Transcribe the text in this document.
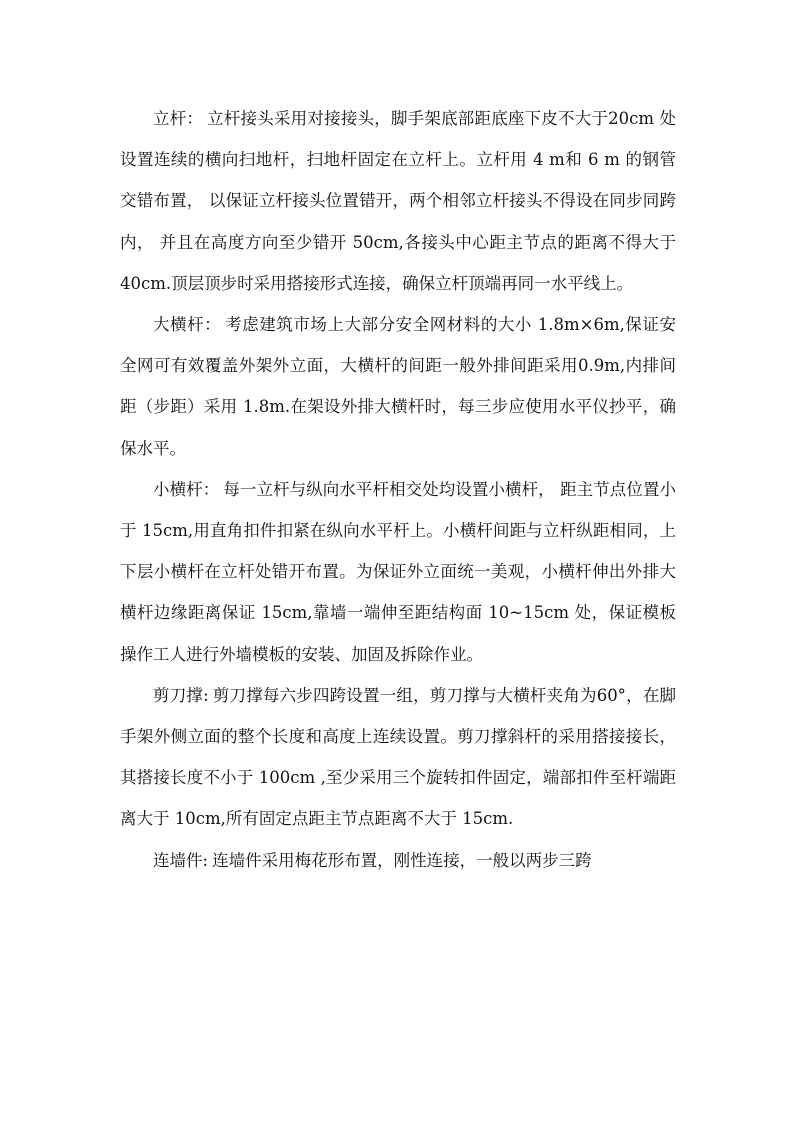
立杆： 立杆接头采用对接接头，脚手架底部距底座下皮不大于20cm 处设置连续的横向扫地杆，扫地杆固定在立杆上。立杆用 4 m和 6 m 的钢管交错布置， 以保证立杆接头位置错开，两个相邻立杆接头不得设在同步同跨内， 并且在高度方向至少错开 50cm,各接头中心距主节点的距离不得大于 40cm.顶层顶步时采用搭接形式连接，确保立杆顶端再同一水平线上。

大横杆： 考虑建筑市场上大部分安全网材料的大小 1.8m×6m,保证安全网可有效覆盖外架外立面，大横杆的间距一般外排间距采用0.9m,内排间距（步距）采用 1.8m.在架设外排大横杆时，每三步应使用水平仪抄平，确保水平。

小横杆： 每一立杆与纵向水平杆相交处均设置小横杆， 距主节点位置小于 15cm,用直角扣件扣紧在纵向水平杆上。小横杆间距与立杆纵距相同，上下层小横杆在立杆处错开布置。为保证外立面统一美观，小横杆伸出外排大横杆边缘距离保证 15cm,靠墙一端伸至距结构面 10~15cm 处，保证模板操作工人进行外墙模板的安装、加固及拆除作业。

剪刀撑: 剪刀撑每六步四跨设置一组，剪刀撑与大横杆夹角为60°，在脚手架外侧立面的整个长度和高度上连续设置。剪刀撑斜杆的采用搭接接长， 其搭接长度不小于 100cm ,至少采用三个旋转扣件固定，端部扣件至杆端距离大于 10cm,所有固定点距主节点距离不大于 15cm.

连墙件: 连墙件采用梅花形布置，刚性连接，一般以两步三跨
